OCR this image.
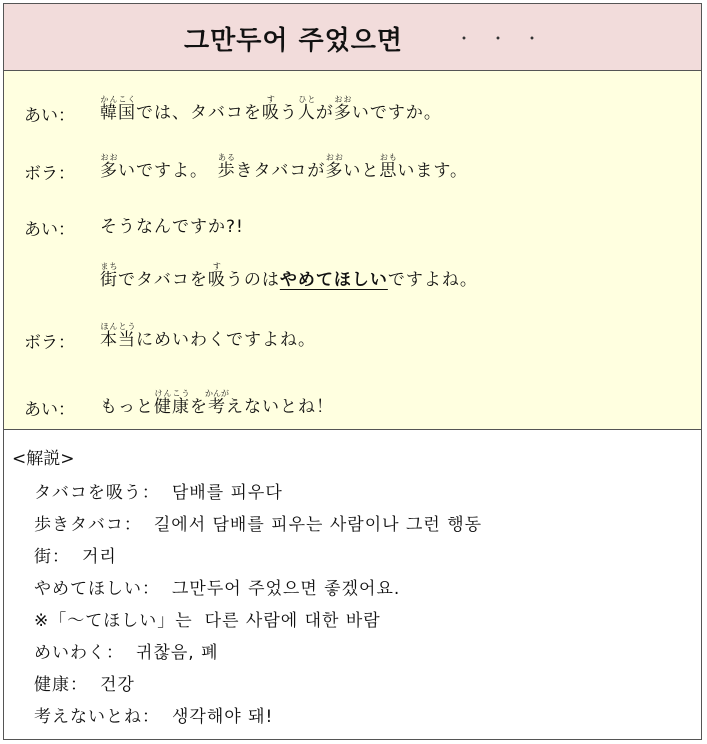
그만두어 주었으면	・・・
あい： 韓国かんこくでは、タバコを吸すう人ひとが多おおいですか。
ボラ： 多おおいですよ。　歩あるきタバコが多おおいと思おもいます。
あい： そうなんですか?!
街まちでタバコを吸すうのはやめてほしいですよね。
ボラ： 本当ほんとうにめいわくですよね。
あい： もっと健康けんこうを考かんがえないとね！
<解説>
タバコを吸う： 담배를 피우다
歩きタバコ： 길에서 담배를 피우는 사람이나 그런 행동
街： 거리
やめてほしい： 그만두어 주었으면 좋겠어요.
※「～てほしい」는 다른 사람에 대한 바람
めいわく： 귀찮음, 폐
健康： 건강
考えないとね： 생각해야 돼!
